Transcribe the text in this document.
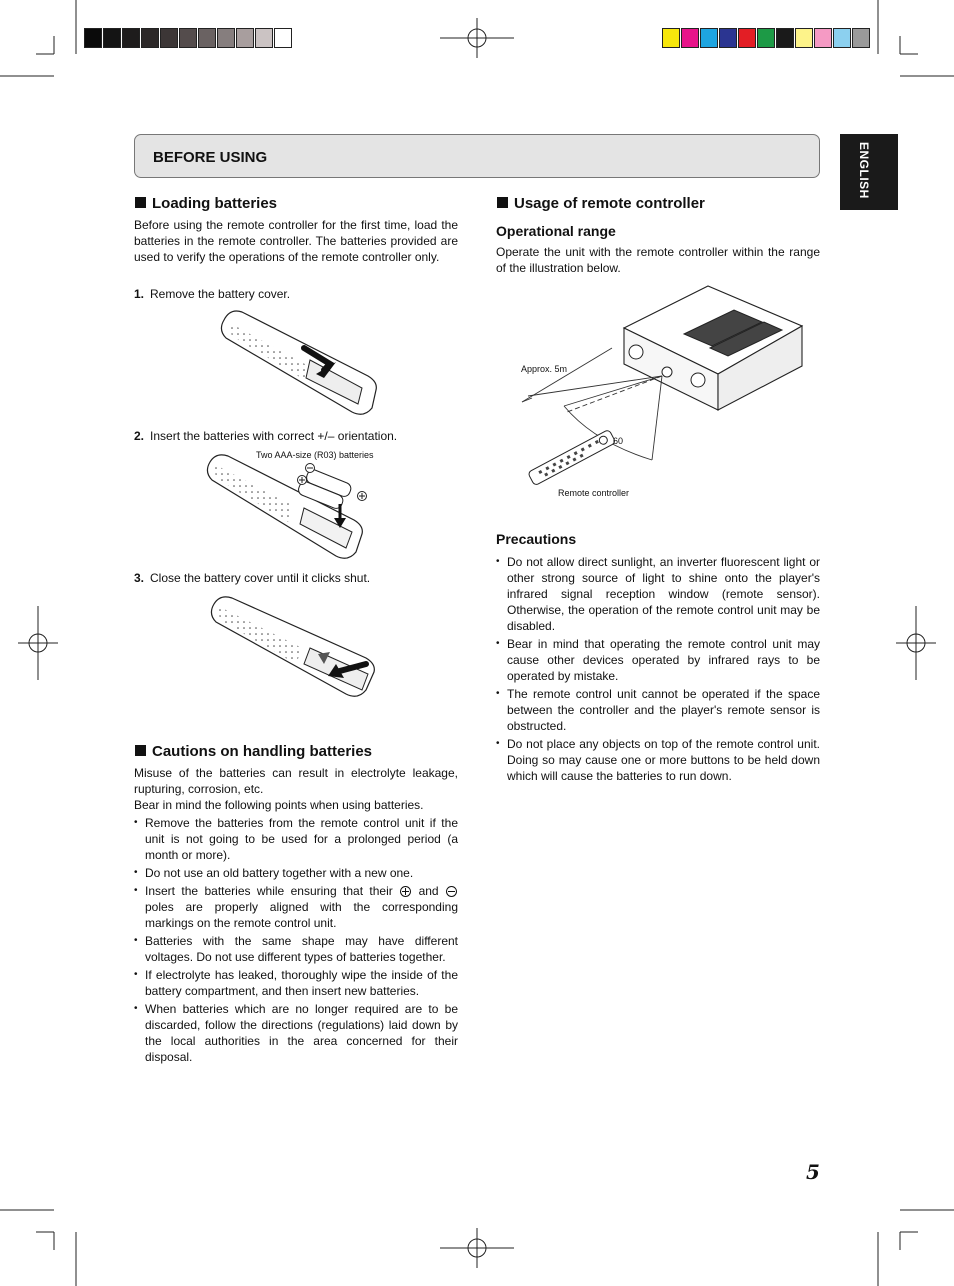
BEFORE USING	ENGLISH
Loading batteries
Before using the remote controller for the first time, load the batteries in the remote controller. The batteries provided are used to verify the operations of the remote controller only.
1. Remove the battery cover.
2. Insert the batteries with correct +/– orientation.
Two AAA-size (R03) batteries
3. Close the battery cover until it clicks shut.
Cautions on handling batteries
Misuse of the batteries can result in electrolyte leakage, rupturing, corrosion, etc.
Bear in mind the following points when using batteries.
• Remove the batteries from the remote control unit if the unit is not going to be used for a prolonged period (a month or more).
• Do not use an old battery together with a new one.
• Insert the batteries while ensuring that their and  poles are properly aligned with the corresponding markings on the remote control unit.
• Batteries with the same shape may have different voltages. Do not use different types of batteries together.
• If electrolyte has leaked, thoroughly wipe the inside of the battery compartment, and then insert new batteries.
• When batteries which are no longer required are to be discarded, follow the directions (regulations) laid down by the local authorities in the area concerned for their disposal.
Usage of remote controller
Operational range
Operate the unit with the remote controller within the range of the illustration below.
Approx. 5m
60
Remote controller
Precautions
• Do not allow direct sunlight, an inverter fluorescent light or other strong source of light to shine onto the player's infrared signal reception window (remote sensor). Otherwise, the operation of the remote control unit may be disabled.
• Bear in mind that operating the remote control unit may cause other devices operated by infrared rays to be operated by mistake.
• The remote control unit cannot be operated if the space between the controller and the player's remote sensor is obstructed.
• Do not place any objects on top of the remote control unit. Doing so may cause one or more buttons to be held down which will cause the batteries to run down.
5
